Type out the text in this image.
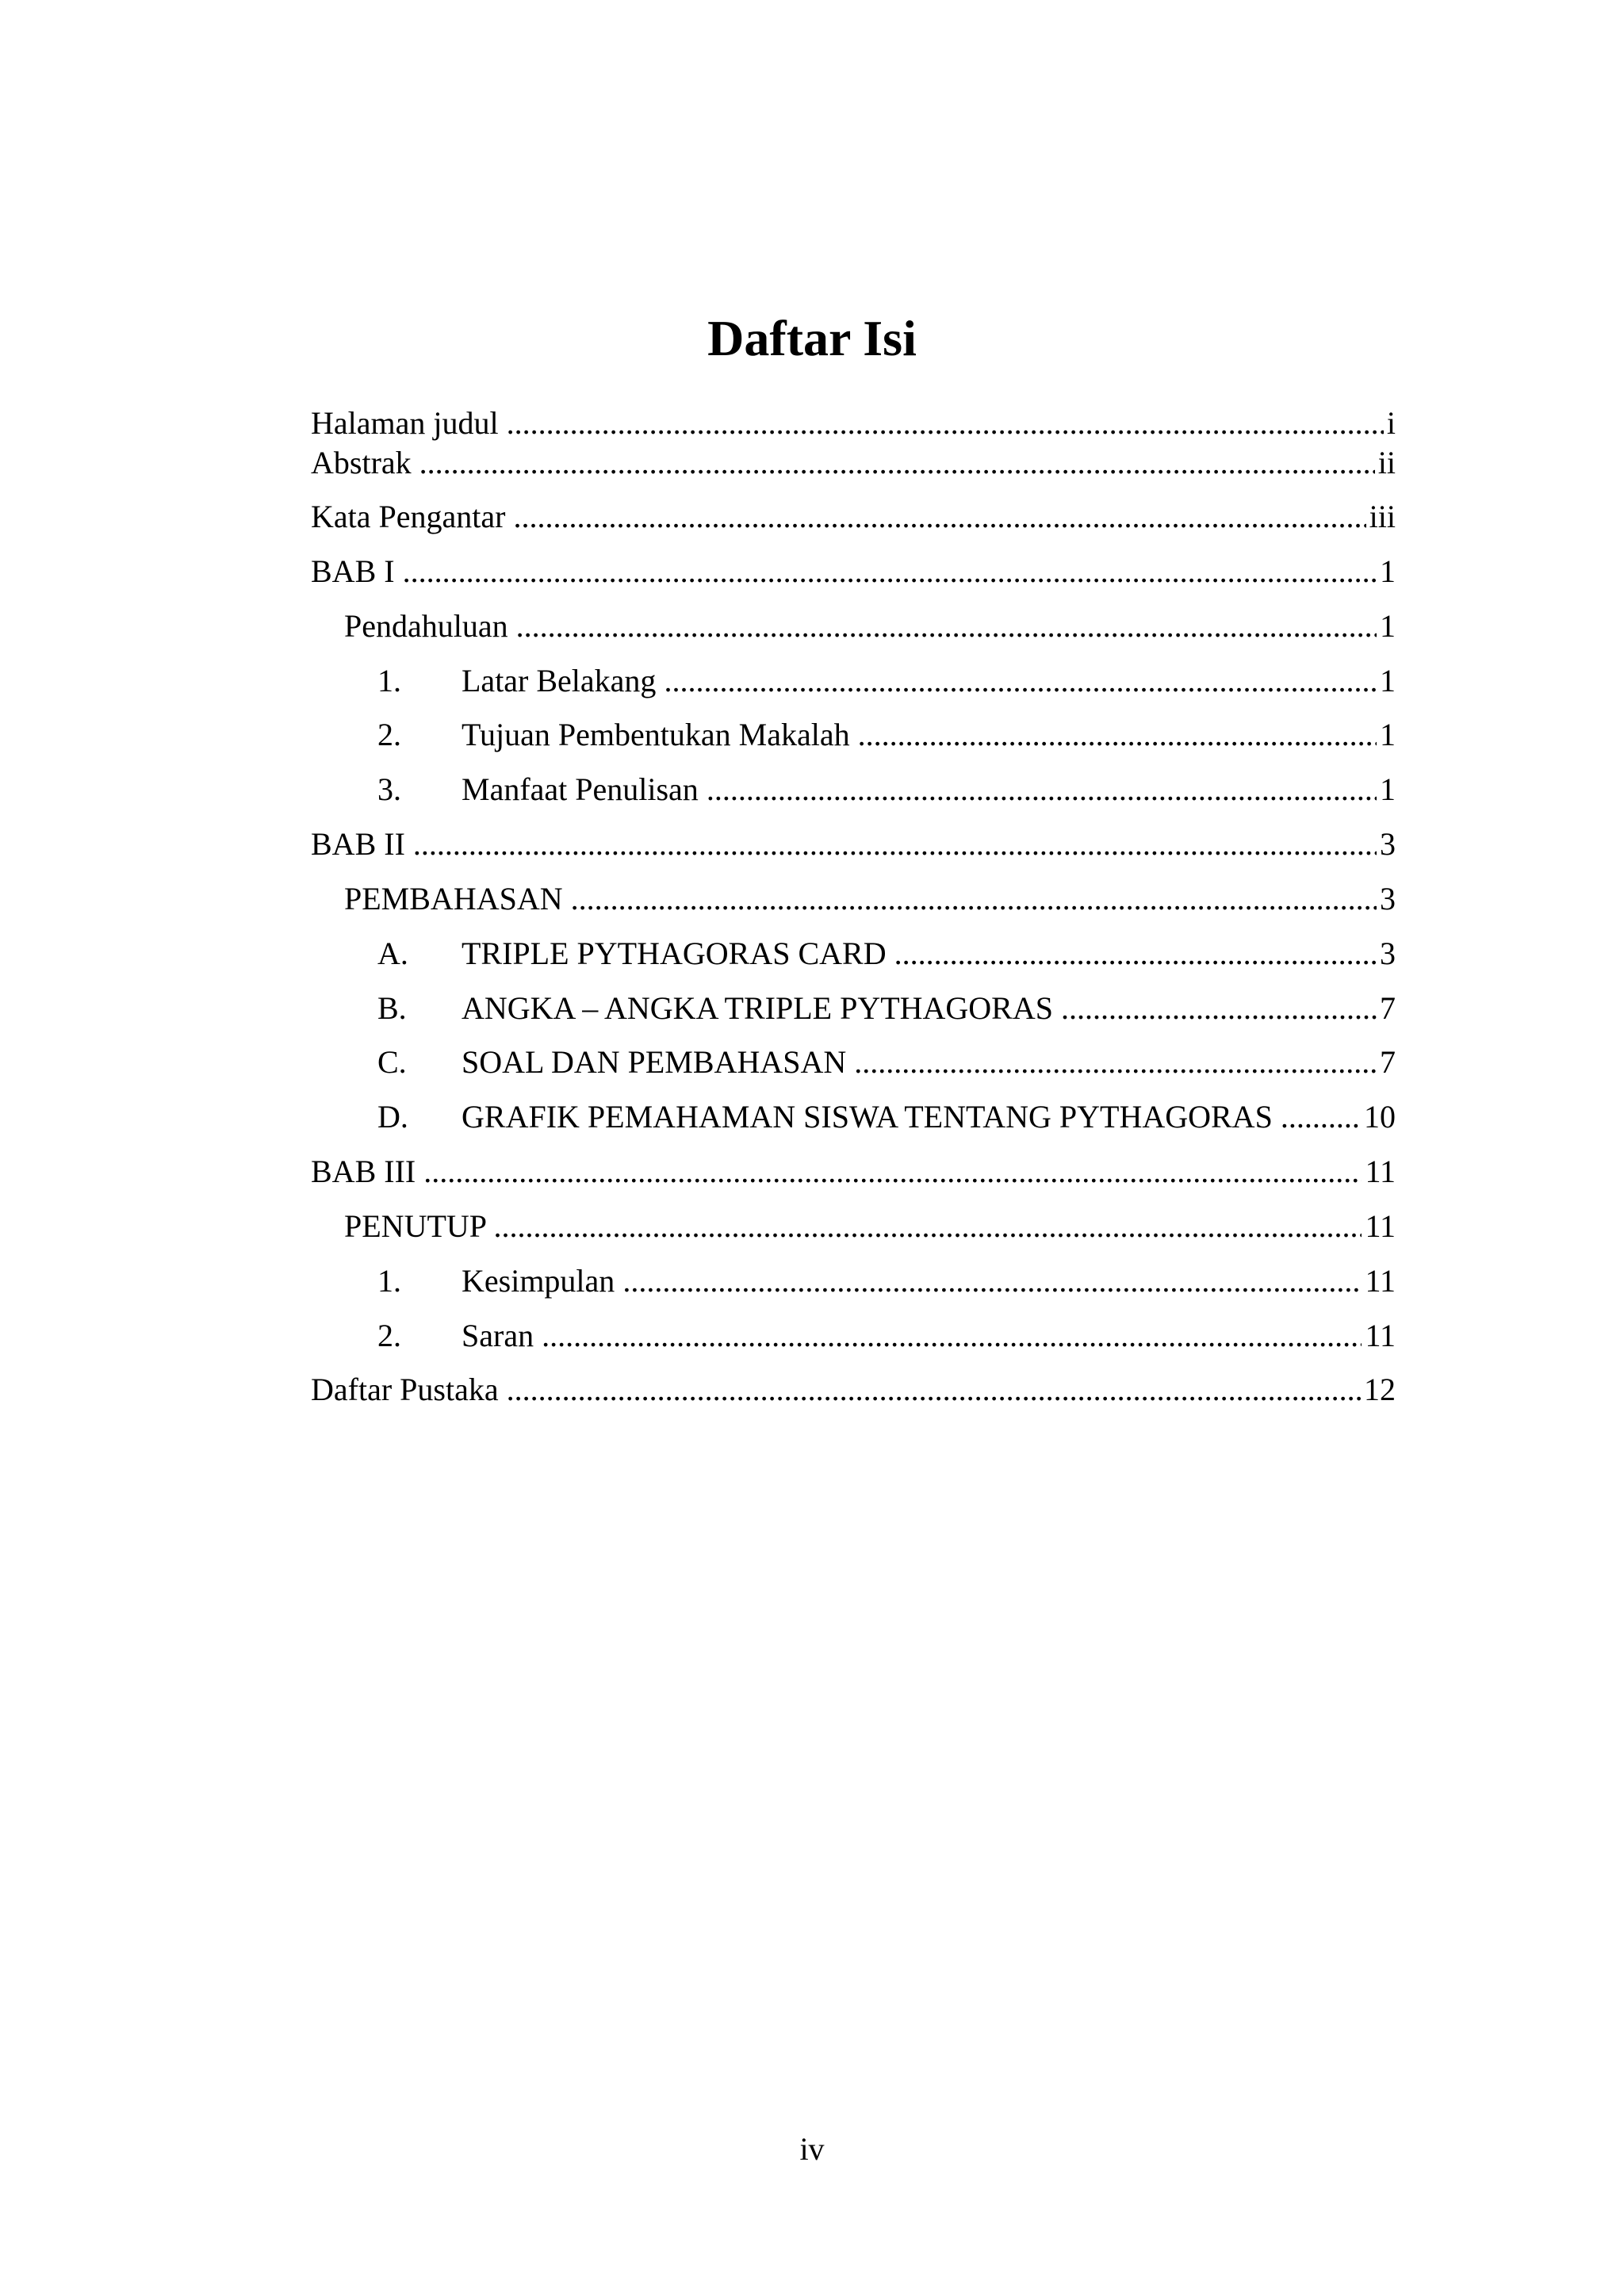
Daftar Isi
Halaman judul .....	i
Abstrak .....	ii
Kata Pengantar .....	iii
BAB I .....	1
Pendahuluan .....	1
1. Latar Belakang .....	1
2. Tujuan Pembentukan Makalah .....	1
3. Manfaat Penulisan .....	1
BAB II .....	3
PEMBAHASAN .....	3
A. TRIPLE PYTHAGORAS CARD .....	3
B. ANGKA – ANGKA TRIPLE PYTHAGORAS .....	7
C. SOAL DAN PEMBAHASAN .....	7
D. GRAFIK PEMAHAMAN SISWA TENTANG PYTHAGORAS .....	10
BAB III .....	11
PENUTUP .....	11
1. Kesimpulan .....	11
2. Saran .....	11
Daftar Pustaka .....	12
iv
